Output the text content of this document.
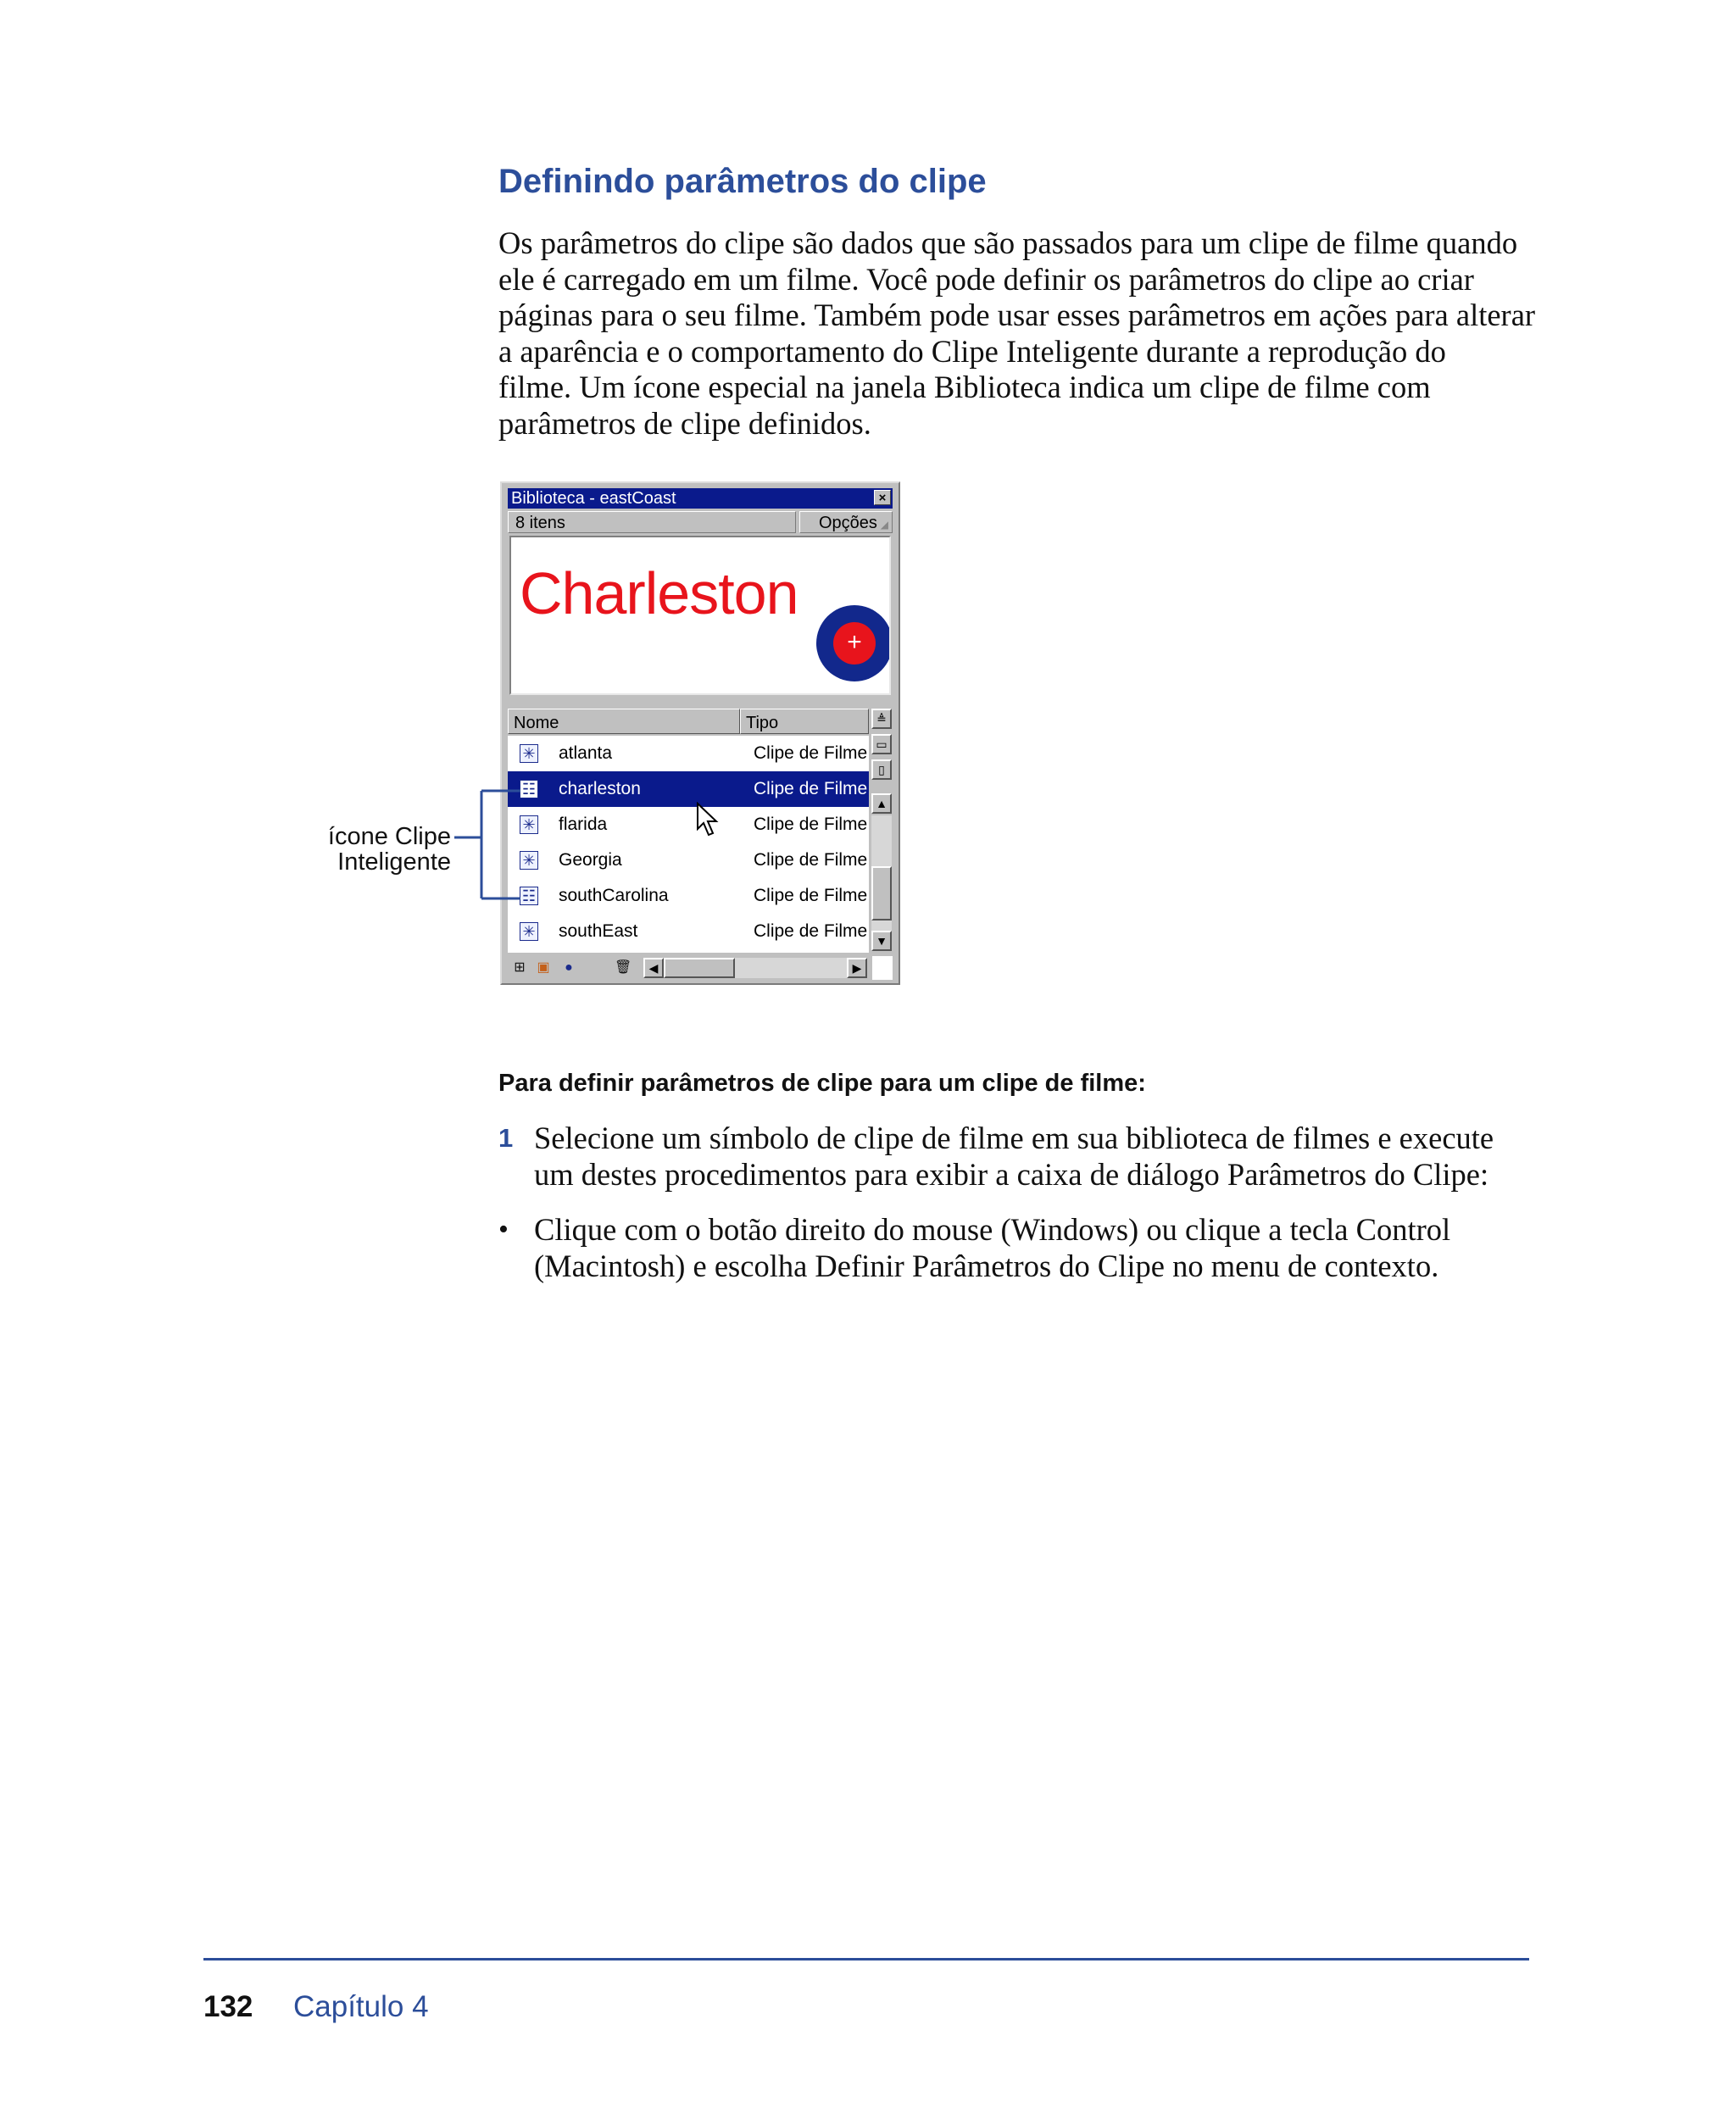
Definindo parâmetros do clipe

Os parâmetros do clipe são dados que são passados para um clipe de filme quando
ele é carregado em um filme. Você pode definir os parâmetros do clipe ao criar
páginas para o seu filme. Também pode usar esses parâmetros em ações para alterar
a aparência e o comportamento do Clipe Inteligente durante a reprodução do
filme. Um ícone especial na janela Biblioteca indica um clipe de filme com
parâmetros de clipe definidos.

Biblioteca - eastCoast	×
8 itens	Opções ◢
Charleston
+
Nome	Tipo
✳ atlanta	Clipe de Filme
☷ charleston	Clipe de Filme
✳ flarida	Clipe de Filme
✳ Georgia	Clipe de Filme
☷ southCarolina	Clipe de Filme
✳ southEast	Clipe de Filme
≜
▭
▯
▲
▼
⊞ ▣	●	🗑	◀	▶
ícone Clipe
Inteligente
Para definir parâmetros de clipe para um clipe de filme:
1 Selecione um símbolo de clipe de filme em sua biblioteca de filmes e execute
um destes procedimentos para exibir a caixa de diálogo Parâmetros do Clipe:
• Clique com o botão direito do mouse (Windows) ou clique a tecla Control
(Macintosh) e escolha Definir Parâmetros do Clipe no menu de contexto.
132 Capítulo 4
